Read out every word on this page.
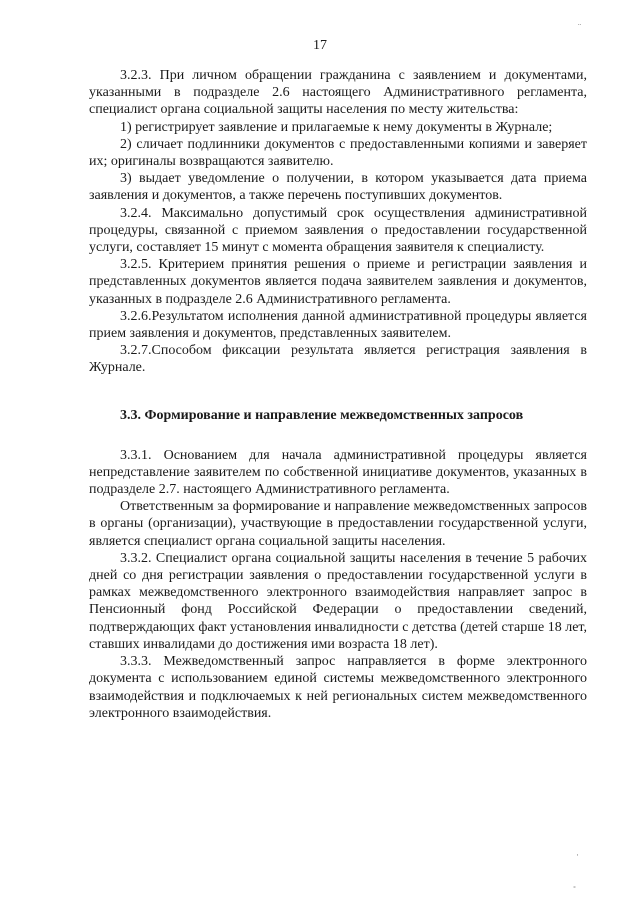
17

3.2.3. При личном обращении гражданина с заявлением и документами, указанными в подразделе 2.6 настоящего Административного регламента, специалист органа социальной защиты населения по месту жительства:

1) регистрирует заявление и прилагаемые к нему документы в Журнале;

2) сличает подлинники документов с предоставленными копиями и заверяет их; оригиналы возвращаются заявителю.

3) выдает уведомление о получении, в котором указывается дата приема заявления и документов, а также перечень поступивших документов.

3.2.4. Максимально допустимый срок осуществления административной процедуры, связанной с приемом заявления о предоставлении государственной услуги, составляет 15 минут с момента обращения заявителя к специалисту.

3.2.5. Критерием принятия решения о приеме и регистрации заявления и представленных документов является подача заявителем заявления и документов, указанных в подразделе 2.6 Административного регламента.

3.2.6.Результатом исполнения данной административной процедуры является прием заявления и документов, представленных заявителем.

3.2.7.Способом фиксации результата является регистрация заявления в Журнале.

3.3. Формирование и направление межведомственных запросов

3.3.1. Основанием для начала административной процедуры является непредставление заявителем по собственной инициативе документов, указанных в подразделе 2.7. настоящего Административного регламента.

Ответственным за формирование и направление межведомственных запросов в органы (организации), участвующие в предоставлении государственной услуги, является специалист органа социальной защиты населения.

3.3.2. Специалист органа социальной защиты населения в течение 5 рабочих дней со дня регистрации заявления о предоставлении государственной услуги в рамках межведомственного электронного взаимодействия направляет запрос в Пенсионный фонд Российской Федерации о предоставлении сведений, подтверждающих факт установления инвалидности с детства (детей старше 18 лет, ставших инвалидами до достижения ими возраста 18 лет).

3.3.3. Межведомственный запрос направляется в форме электронного документа с использованием единой системы межведомственного электронного взаимодействия и подключаемых к ней региональных систем межведомственного электронного взаимодействия.

¨
·
˚
